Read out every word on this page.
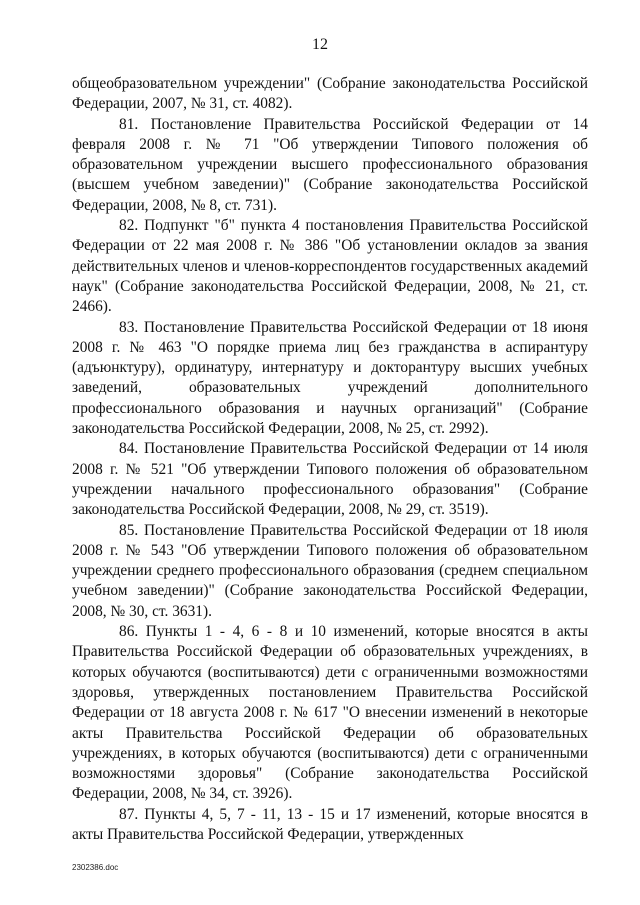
12

общеобразовательном учреждении" (Собрание законодательства Российской Федерации, 2007, № 31, ст. 4082).

81. Постановление Правительства Российской Федерации от 14 февраля 2008 г. № 71 "Об утверждении Типового положения об образовательном учреждении высшего профессионального образования (высшем учебном заведении)" (Собрание законодательства Российской Федерации, 2008, № 8, ст. 731).

82. Подпункт "б" пункта 4 постановления Правительства Российской Федерации от 22 мая 2008 г. № 386 "Об установлении окладов за звания действительных членов и членов-корреспондентов государственных академий наук" (Собрание законодательства Российской Федерации, 2008, № 21, ст. 2466).

83. Постановление Правительства Российской Федерации от 18 июня 2008 г. № 463 "О порядке приема лиц без гражданства в аспирантуру (адъюнктуру), ординатуру, интернатуру и докторантуру высших учебных заведений, образовательных учреждений дополнительного профессионального образования и научных организаций" (Собрание законодательства Российской Федерации, 2008, № 25, ст. 2992).

84. Постановление Правительства Российской Федерации от 14 июля 2008 г. № 521 "Об утверждении Типового положения об образовательном учреждении начального профессионального образования" (Собрание законодательства Российской Федерации, 2008, № 29, ст. 3519).

85. Постановление Правительства Российской Федерации от 18 июля 2008 г. № 543 "Об утверждении Типового положения об образовательном учреждении среднего профессионального образования (среднем специальном учебном заведении)" (Собрание законодательства Российской Федерации, 2008, № 30, ст. 3631).

86. Пункты 1 - 4, 6 - 8 и 10 изменений, которые вносятся в акты Правительства Российской Федерации об образовательных учреждениях, в которых обучаются (воспитываются) дети с ограниченными возможностями здоровья, утвержденных постановлением Правительства Российской Федерации от 18 августа 2008 г. № 617 "О внесении изменений в некоторые акты Правительства Российской Федерации об образовательных учреждениях, в которых обучаются (воспитываются) дети с ограниченными возможностями здоровья" (Собрание законодательства Российской Федерации, 2008, № 34, ст. 3926).

87. Пункты 4, 5, 7 - 11, 13 - 15 и 17 изменений, которые вносятся в акты Правительства Российской Федерации, утвержденных

2302386.doc
